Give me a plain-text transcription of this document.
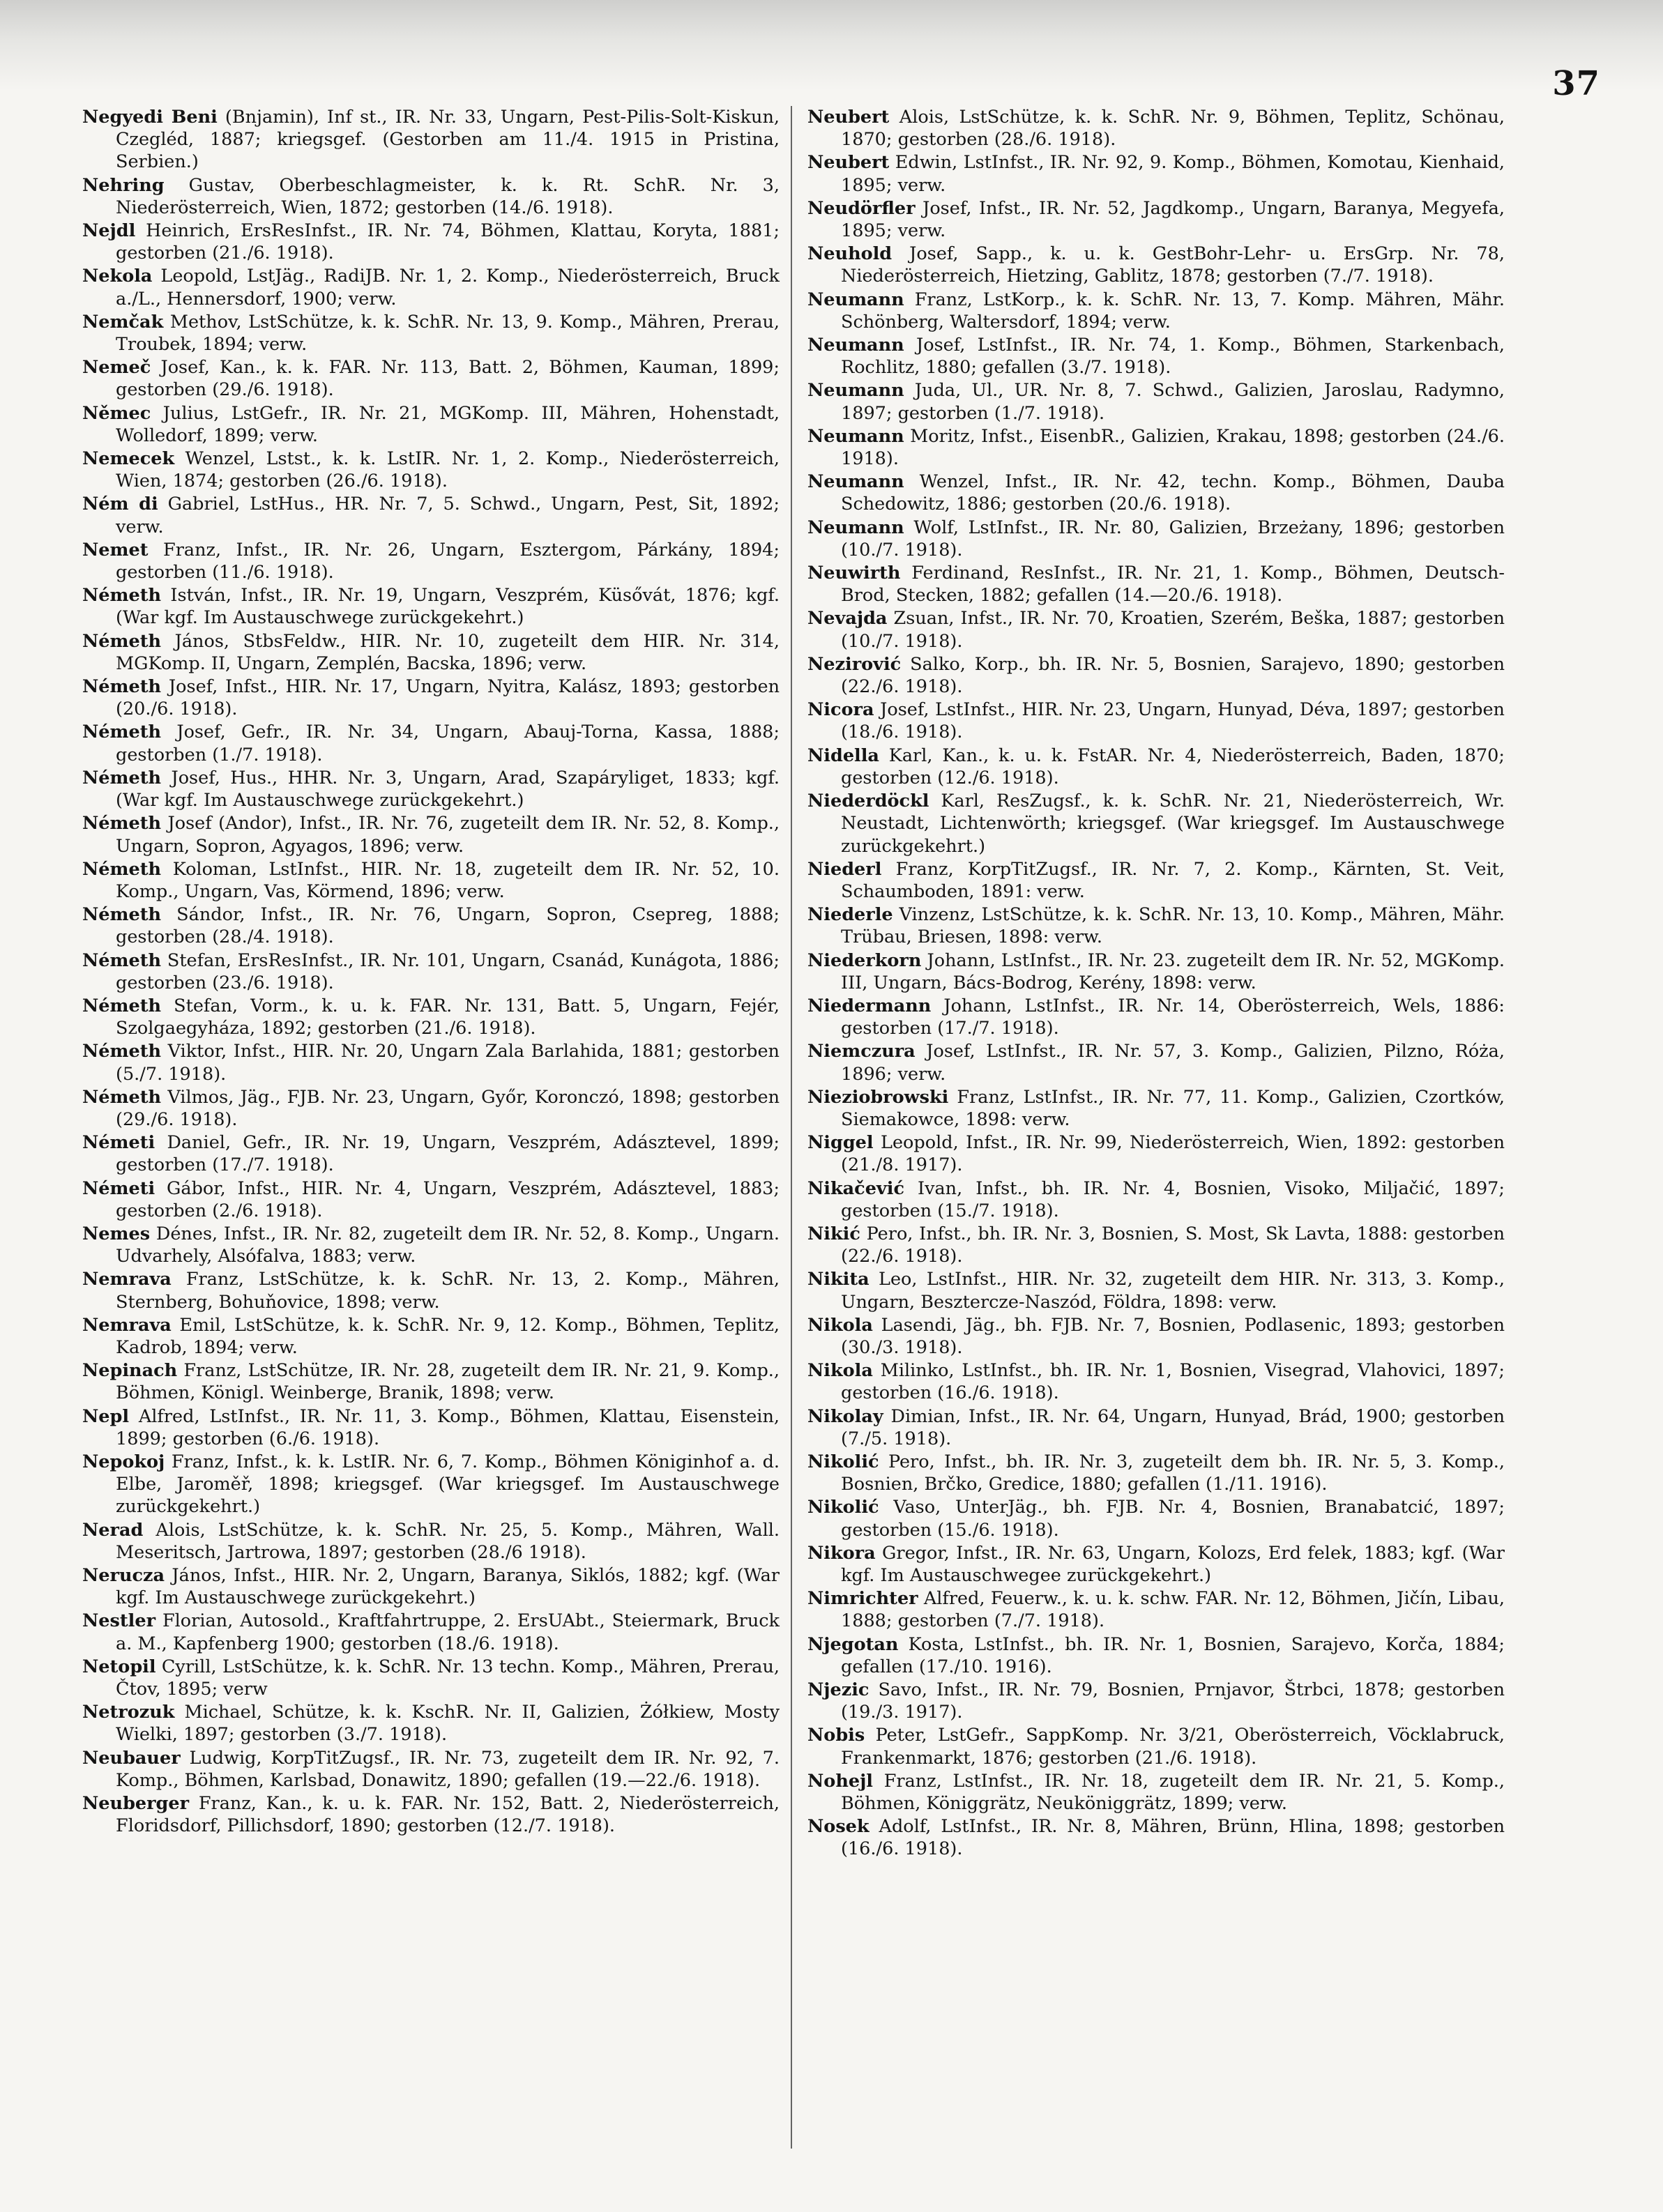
37
Negyedi Beni (Bnjamin), Inf st., IR. Nr. 33, Ungarn, Pest-Pilis-Solt-Kiskun, Czegléd, 1887; kriegsgef. (Gestorben am 11./4. 1915 in Pristina, Serbien.)
Nehring Gustav, Oberbeschlagmeister, k. k. Rt. SchR. Nr. 3, Niederösterreich, Wien, 1872; gestorben (14./6. 1918).
Nejdl Heinrich, ErsResInfst., IR. Nr. 74, Böhmen, Klattau, Koryta, 1881; gestorben (21./6. 1918).
Nekola Leopold, LstJäg., RadiJB. Nr. 1, 2. Komp., Niederösterreich, Bruck a./L., Hennersdorf, 1900; verw.
Nemčak Methov, LstSchütze, k. k. SchR. Nr. 13, 9. Komp., Mähren, Prerau, Troubek, 1894; verw.
Nemeč Josef, Kan., k. k. FAR. Nr. 113, Batt. 2, Böhmen, Kauman, 1899; gestorben (29./6. 1918).
Němec Julius, LstGefr., IR. Nr. 21, MGKomp. III, Mähren, Hohenstadt, Wolledorf, 1899; verw.
Nemecek Wenzel, Lstst., k. k. LstIR. Nr. 1, 2. Komp., Niederösterreich, Wien, 1874; gestorben (26./6. 1918).
Ném di Gabriel, LstHus., HR. Nr. 7, 5. Schwd., Ungarn, Pest, Sit, 1892; verw.
Nemet Franz, Infst., IR. Nr. 26, Ungarn, Esztergom, Párkány, 1894; gestorben (11./6. 1918).
Németh István, Infst., IR. Nr. 19, Ungarn, Veszprém, Küsővát, 1876; kgf. (War kgf. Im Austauschwege zurückgekehrt.)
Németh János, StbsFeldw., HIR. Nr. 10, zugeteilt dem HIR. Nr. 314, MGKomp. II, Ungarn, Zemplén, Bacska, 1896; verw.
Németh Josef, Infst., HIR. Nr. 17, Ungarn, Nyitra, Kalász, 1893; gestorben (20./6. 1918).
Németh Josef, Gefr., IR. Nr. 34, Ungarn, Abauj-Torna, Kassa, 1888; gestorben (1./7. 1918).
Németh Josef, Hus., HHR. Nr. 3, Ungarn, Arad, Szapáryliget, 1833; kgf. (War kgf. Im Austauschwege zurückgekehrt.)
Németh Josef (Andor), Infst., IR. Nr. 76, zugeteilt dem IR. Nr. 52, 8. Komp., Ungarn, Sopron, Agyagos, 1896; verw.
Németh Koloman, LstInfst., HIR. Nr. 18, zugeteilt dem IR. Nr. 52, 10. Komp., Ungarn, Vas, Körmend, 1896; verw.
Németh Sándor, Infst., IR. Nr. 76, Ungarn, Sopron, Csepreg, 1888; gestorben (28./4. 1918).
Németh Stefan, ErsResInfst., IR. Nr. 101, Ungarn, Csanád, Kunágota, 1886; gestorben (23./6. 1918).
Németh Stefan, Vorm., k. u. k. FAR. Nr. 131, Batt. 5, Ungarn, Fejér, Szolgaegyháza, 1892; gestorben (21./6. 1918).
Németh Viktor, Infst., HIR. Nr. 20, Ungarn Zala Barlahida, 1881; gestorben (5./7. 1918).
Németh Vilmos, Jäg., FJB. Nr. 23, Ungarn, Győr, Koronczó, 1898; gestorben (29./6. 1918).
Németi Daniel, Gefr., IR. Nr. 19, Ungarn, Veszprém, Adásztevel, 1899; gestorben (17./7. 1918).
Németi Gábor, Infst., HIR. Nr. 4, Ungarn, Veszprém, Adásztevel, 1883; gestorben (2./6. 1918).
Nemes Dénes, Infst., IR. Nr. 82, zugeteilt dem IR. Nr. 52, 8. Komp., Ungarn. Udvarhely, Alsófalva, 1883; verw.
Nemrava Franz, LstSchütze, k. k. SchR. Nr. 13, 2. Komp., Mähren, Sternberg, Bohuňovice, 1898; verw.
Nemrava Emil, LstSchütze, k. k. SchR. Nr. 9, 12. Komp., Böhmen, Teplitz, Kadrob, 1894; verw.
Nepinach Franz, LstSchütze, IR. Nr. 28, zugeteilt dem IR. Nr. 21, 9. Komp., Böhmen, Königl. Weinberge, Branik, 1898; verw.
Nepl Alfred, LstInfst., IR. Nr. 11, 3. Komp., Böhmen, Klattau, Eisenstein, 1899; gestorben (6./6. 1918).
Nepokoj Franz, Infst., k. k. LstIR. Nr. 6, 7. Komp., Böhmen Königinhof a. d. Elbe, Jaroměř, 1898; kriegsgef. (War kriegsgef. Im Austauschwege zurückgekehrt.)
Nerad Alois, LstSchütze, k. k. SchR. Nr. 25, 5. Komp., Mähren, Wall. Meseritsch, Jartrowa, 1897; gestorben (28./6 1918).
Nerucza János, Infst., HIR. Nr. 2, Ungarn, Baranya, Siklós, 1882; kgf. (War kgf. Im Austauschwege zurückgekehrt.)
Nestler Florian, Autosold., Kraftfahrtruppe, 2. ErsUAbt., Steiermark, Bruck a. M., Kapfenberg 1900; gestorben (18./6. 1918).
Netopil Cyrill, LstSchütze, k. k. SchR. Nr. 13 techn. Komp., Mähren, Prerau, Čtov, 1895; verw
Netrozuk Michael, Schütze, k. k. KschR. Nr. II, Galizien, Żółkiew, Mosty Wielki, 1897; gestorben (3./7. 1918).
Neubauer Ludwig, KorpTitZugsf., IR. Nr. 73, zugeteilt dem IR. Nr. 92, 7. Komp., Böhmen, Karlsbad, Donawitz, 1890; gefallen (19.—22./6. 1918).
Neuberger Franz, Kan., k. u. k. FAR. Nr. 152, Batt. 2, Niederösterreich, Floridsdorf, Pillichsdorf, 1890; gestorben (12./7. 1918).
Neubert Alois, LstSchütze, k. k. SchR. Nr. 9, Böhmen, Teplitz, Schönau, 1870; gestorben (28./6. 1918).
Neubert Edwin, LstInfst., IR. Nr. 92, 9. Komp., Böhmen, Komotau, Kienhaid, 1895; verw.
Neudörfler Josef, Infst., IR. Nr. 52, Jagdkomp., Ungarn, Baranya, Megyefa, 1895; verw.
Neuhold Josef, Sapp., k. u. k. GestBohr-Lehr- u. ErsGrp. Nr. 78, Niederösterreich, Hietzing, Gablitz, 1878; gestorben (7./7. 1918).
Neumann Franz, LstKorp., k. k. SchR. Nr. 13, 7. Komp. Mähren, Mähr. Schönberg, Waltersdorf, 1894; verw.
Neumann Josef, LstInfst., IR. Nr. 74, 1. Komp., Böhmen, Starkenbach, Rochlitz, 1880; gefallen (3./7. 1918).
Neumann Juda, Ul., UR. Nr. 8, 7. Schwd., Galizien, Jaroslau, Radymno, 1897; gestorben (1./7. 1918).
Neumann Moritz, Infst., EisenbR., Galizien, Krakau, 1898; gestorben (24./6. 1918).
Neumann Wenzel, Infst., IR. Nr. 42, techn. Komp., Böhmen, Dauba Schedowitz, 1886; gestorben (20./6. 1918).
Neumann Wolf, LstInfst., IR. Nr. 80, Galizien, Brzeżany, 1896; gestorben (10./7. 1918).
Neuwirth Ferdinand, ResInfst., IR. Nr. 21, 1. Komp., Böhmen, Deutsch-Brod, Stecken, 1882; gefallen (14.—20./6. 1918).
Nevajda Zsuan, Infst., IR. Nr. 70, Kroatien, Szerém, Beška, 1887; gestorben (10./7. 1918).
Nezirović Salko, Korp., bh. IR. Nr. 5, Bosnien, Sarajevo, 1890; gestorben (22./6. 1918).
Nicora Josef, LstInfst., HIR. Nr. 23, Ungarn, Hunyad, Déva, 1897; gestorben (18./6. 1918).
Nidella Karl, Kan., k. u. k. FstAR. Nr. 4, Niederösterreich, Baden, 1870; gestorben (12./6. 1918).
Niederdöckl Karl, ResZugsf., k. k. SchR. Nr. 21, Niederösterreich, Wr. Neustadt, Lichtenwörth; kriegsgef. (War kriegsgef. Im Austauschwege zurückgekehrt.)
Niederl Franz, KorpTitZugsf., IR. Nr. 7, 2. Komp., Kärnten, St. Veit, Schaumboden, 1891: verw.
Niederle Vinzenz, LstSchütze, k. k. SchR. Nr. 13, 10. Komp., Mähren, Mähr. Trübau, Briesen, 1898: verw.
Niederkorn Johann, LstInfst., IR. Nr. 23. zugeteilt dem IR. Nr. 52, MGKomp. III, Ungarn, Bács-Bodrog, Kerény, 1898: verw.
Niedermann Johann, LstInfst., IR. Nr. 14, Oberösterreich, Wels, 1886: gestorben (17./7. 1918).
Niemczura Josef, LstInfst., IR. Nr. 57, 3. Komp., Galizien, Pilzno, Róża, 1896; verw.
Nieziobrowski Franz, LstInfst., IR. Nr. 77, 11. Komp., Galizien, Czortków, Siemakowce, 1898: verw.
Niggel Leopold, Infst., IR. Nr. 99, Niederösterreich, Wien, 1892: gestorben (21./8. 1917).
Nikačević Ivan, Infst., bh. IR. Nr. 4, Bosnien, Visoko, Miljačić, 1897; gestorben (15./7. 1918).
Nikić Pero, Infst., bh. IR. Nr. 3, Bosnien, S. Most, Sk Lavta, 1888: gestorben (22./6. 1918).
Nikita Leo, LstInfst., HIR. Nr. 32, zugeteilt dem HIR. Nr. 313, 3. Komp., Ungarn, Besztercze-Naszód, Földra, 1898: verw.
Nikola Lasendi, Jäg., bh. FJB. Nr. 7, Bosnien, Podlasenic, 1893; gestorben (30./3. 1918).
Nikola Milinko, LstInfst., bh. IR. Nr. 1, Bosnien, Visegrad, Vlahovici, 1897; gestorben (16./6. 1918).
Nikolay Dimian, Infst., IR. Nr. 64, Ungarn, Hunyad, Brád, 1900; gestorben (7./5. 1918).
Nikolić Pero, Infst., bh. IR. Nr. 3, zugeteilt dem bh. IR. Nr. 5, 3. Komp., Bosnien, Brčko, Gredice, 1880; gefallen (1./11. 1916).
Nikolić Vaso, UnterJäg., bh. FJB. Nr. 4, Bosnien, Branabatcić, 1897; gestorben (15./6. 1918).
Nikora Gregor, Infst., IR. Nr. 63, Ungarn, Kolozs, Erd felek, 1883; kgf. (War kgf. Im Austauschwegee zurückgekehrt.)
Nimrichter Alfred, Feuerw., k. u. k. schw. FAR. Nr. 12, Böhmen, Jičín, Libau, 1888; gestorben (7./7. 1918).
Njegotan Kosta, LstInfst., bh. IR. Nr. 1, Bosnien, Sarajevo, Korča, 1884; gefallen (17./10. 1916).
Njezic Savo, Infst., IR. Nr. 79, Bosnien, Prnjavor, Štrbci, 1878; gestorben (19./3. 1917).
Nobis Peter, LstGefr., SappKomp. Nr. 3/21, Oberösterreich, Vöcklabruck, Frankenmarkt, 1876; gestorben (21./6. 1918).
Nohejl Franz, LstInfst., IR. Nr. 18, zugeteilt dem IR. Nr. 21, 5. Komp., Böhmen, Königgrätz, Neuköniggrätz, 1899; verw.
Nosek Adolf, LstInfst., IR. Nr. 8, Mähren, Brünn, Hlina, 1898; gestorben (16./6. 1918).
